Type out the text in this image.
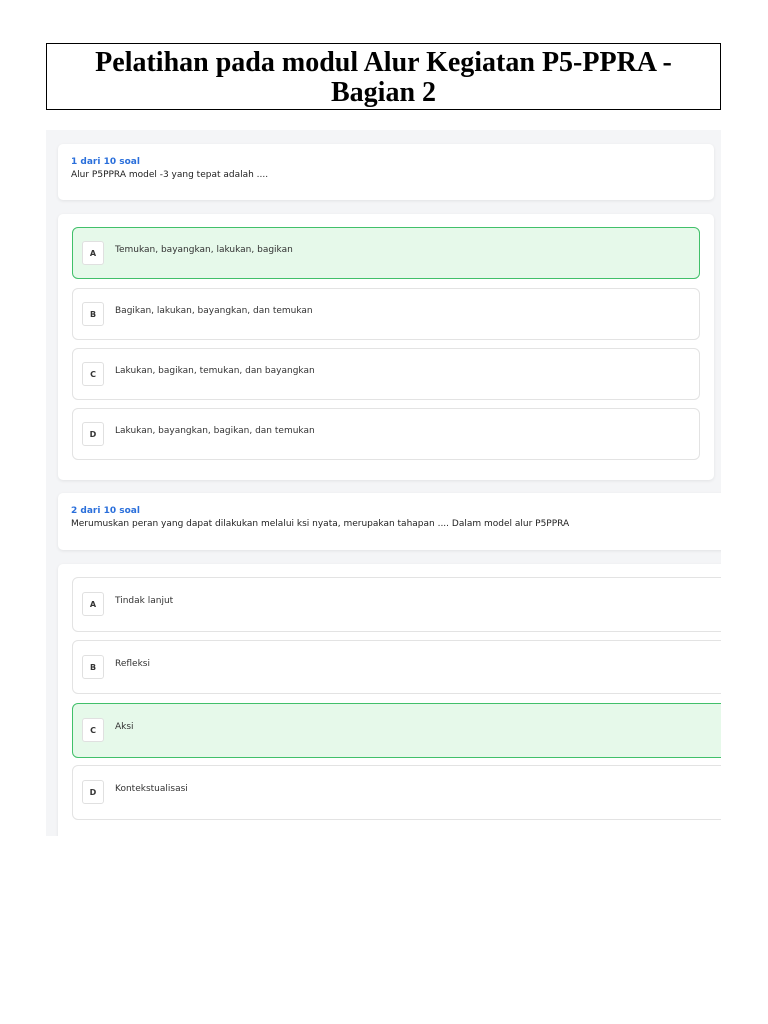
Pelatihan pada modul Alur Kegiatan P5-PPRA -
Bagian 2
1 dari 10 soal
Alur P5PPRA model -3 yang tepat adalah ....
A	Temukan, bayangkan, lakukan, bagikan
B	Bagikan, lakukan, bayangkan, dan temukan
C	Lakukan, bagikan, temukan, dan bayangkan
D	Lakukan, bayangkan, bagikan, dan temukan
2 dari 10 soal
Merumuskan peran yang dapat dilakukan melalui ksi nyata, merupakan tahapan .... Dalam model alur P5PPRA
A	Tindak lanjut
B	Refleksi
C	Aksi
D	Kontekstualisasi
